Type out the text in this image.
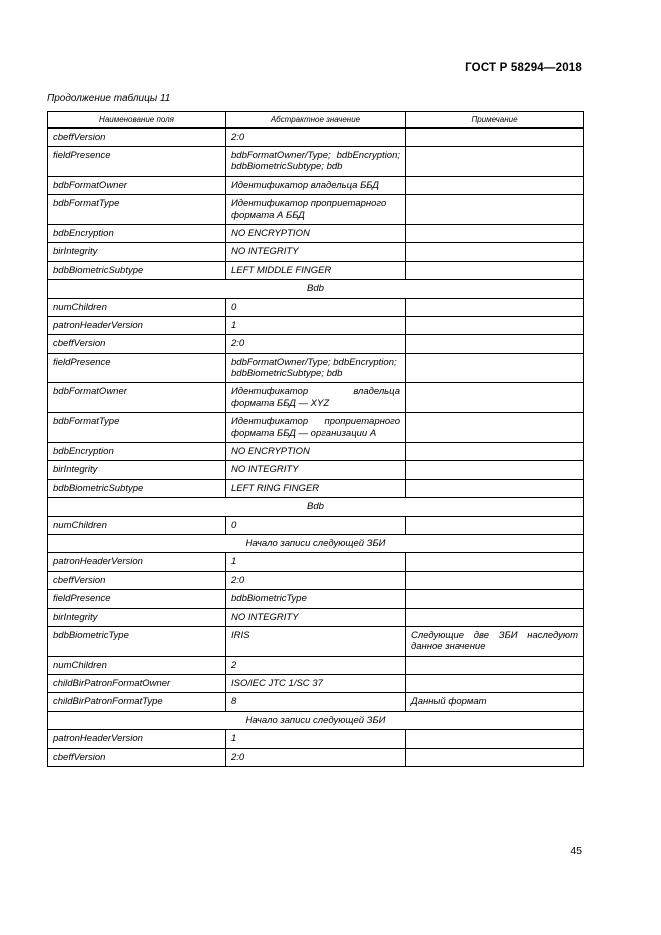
ГОСТ Р 58294—2018
Продолжение таблицы 11
Наименование поля	Абстрактное значение	Примечание
cbeffVersion	2:0	
fieldPresence	bdbFormatOwner/Type; bdbEncryption; bdbBiometricSubtype; bdb	
bdbFormatOwner	Идентификатор владельца ББД	
bdbFormatType	Идентификатор проприетарного формата А ББД	
bdbEncryption	NO ENCRYPTION	
birIntegrity	NO INTEGRITY	
bdbBiometricSubtype	LEFT MIDDLE FINGER	
Bdb		
numChildren	0	
patronHeaderVersion	1	
cbeffVersion	2:0	
fieldPresence	bdbFormatOwner/Type; bdbEncryption; bdbBiometricSubtype; bdb	
bdbFormatOwner	Идентификатор владельца формата ББД — XYZ	
bdbFormatType	Идентификатор проприетарного формата ББД — организации А	
bdbEncryption	NO ENCRYPTION	
birIntegrity	NO INTEGRITY	
bdbBiometricSubtype	LEFT RING FINGER	
Bdb		
numChildren	0	
Начало записи следующей ЗБИ		
patronHeaderVersion	1	
cbeffVersion	2:0	
fieldPresence	bdbBiometricType	
birIntegrity	NO INTEGRITY	
bdbBiometricType	IRIS	Следующие две ЗБИ наследуют данное значение
numChildren	2	
childBirPatronFormatOwner	ISO/IEC JTC 1/SC 37	
childBirPatronFormatType	8	Данный формат
Начало записи следующей ЗБИ		
patronHeaderVersion	1	
cbeffVersion	2:0	
45
